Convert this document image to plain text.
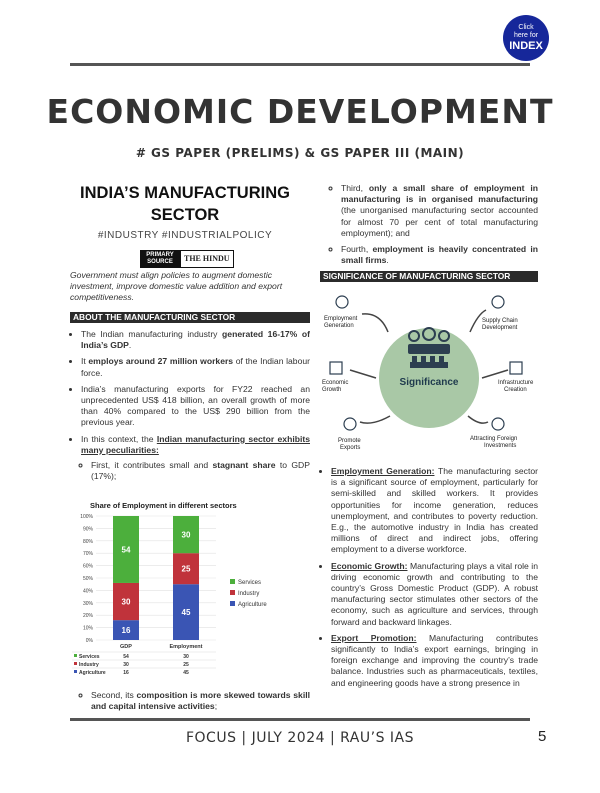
Click
here for
INDEX
ECONOMIC DEVELOPMENT
# GS PAPER (PRELIMS) & GS PAPER III (MAIN)
INDIA’S MANUFACTURING
SECTOR
#INDUSTRY #INDUSTRIALPOLICY
PRIMARY
SOURCE	THE HINDU
Government must align policies to augment domestic investment, improve domestic value addition and export competitiveness.
ABOUT THE MANUFACTURING SECTOR
• The Indian manufacturing industry generated 16-17% of India’s GDP.
• It employs around 27 million workers of the Indian labour force.
• India’s manufacturing exports for FY22 reached an unprecedented US$ 418 billion, an overall growth of more than 40% compared to the US$ 290 billion from the previous year.
• In this context, the Indian manufacturing sector exhibits many peculiarities:
◦ First, it contributes small and stagnant share to GDP (17%);
Share of Employment in different sectors
0%
10%
20%
30%
40%
50%
60%
70%
80%
90%
100%
16
30
54
GDP
45
25
30
Employment
Services
Industry
Agriculture
Services	54	30
Industry	30	25
Agriculture	16	45
◦ Second, its composition is more skewed towards skill and capital intensive activities;
◦ Third, only a small share of employment in manufacturing is in organised manufacturing (the unorganised manufacturing sector accounted for almost 70 per cent of total manufacturing employment); and
◦ Fourth, employment is heavily concentrated in small firms.
SIGNIFICANCE OF MANUFACTURING SECTOR
Significance
Employment Generation
Supply Chain Development
Economic Growth
Infrastructure Creation
Promote Exports
Attracting Foreign Investments
• Employment Generation: The manufacturing sector is a significant source of employment, particularly for semi-skilled and skilled workers. It provides opportunities for income generation, reduces unemployment, and contributes to poverty reduction. E.g., the automotive industry in India has created millions of direct and indirect jobs, offering employment to a diverse workforce.
• Economic Growth: Manufacturing plays a vital role in driving economic growth and contributing to the country’s Gross Domestic Product (GDP). A robust manufacturing sector stimulates other sectors of the economy, such as agriculture and services, through forward and backward linkages.
• Export Promotion: Manufacturing contributes significantly to India’s export earnings, bringing in foreign exchange and improving the country’s trade balance. Industries such as pharmaceuticals, textiles, and engineering goods have a strong presence in
FOCUS | JULY 2024 | RAU’S IAS	5
